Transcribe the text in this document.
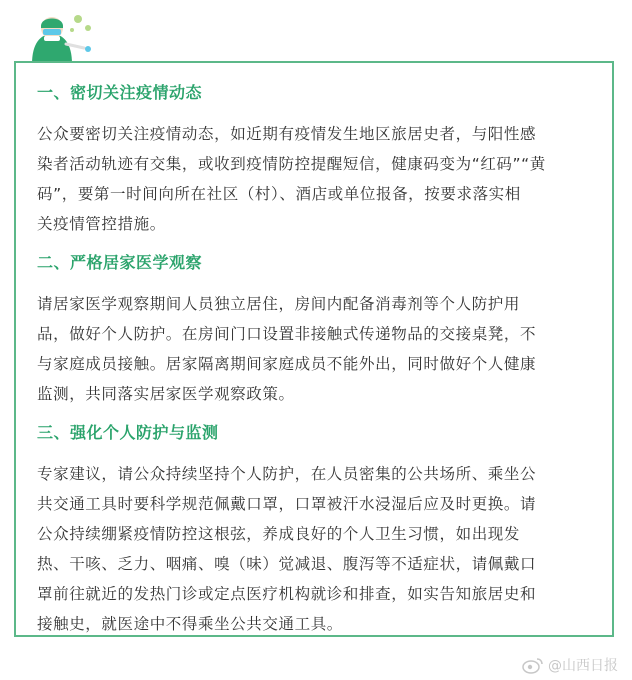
一、密切关注疫情动态
公众要密切关注疫情动态，如近期有疫情发生地区旅居史者，与阳性感
染者活动轨迹有交集，或收到疫情防控提醒短信，健康码变为“红码”“黄
码”，要第一时间向所在社区（村）、酒店或单位报备，按要求落实相
关疫情管控措施。
二、严格居家医学观察
请居家医学观察期间人员独立居住，房间内配备消毒剂等个人防护用
品，做好个人防护。在房间门口设置非接触式传递物品的交接桌凳，不
与家庭成员接触。居家隔离期间家庭成员不能外出，同时做好个人健康
监测，共同落实居家医学观察政策。
三、强化个人防护与监测
专家建议，请公众持续坚持个人防护，在人员密集的公共场所、乘坐公
共交通工具时要科学规范佩戴口罩，口罩被汗水浸湿后应及时更换。请
公众持续绷紧疫情防控这根弦，养成良好的个人卫生习惯，如出现发
热、干咳、乏力、咽痛、嗅（味）觉减退、腹泻等不适症状，请佩戴口
罩前往就近的发热门诊或定点医疗机构就诊和排查，如实告知旅居史和
接触史，就医途中不得乘坐公共交通工具。
@山西日报
